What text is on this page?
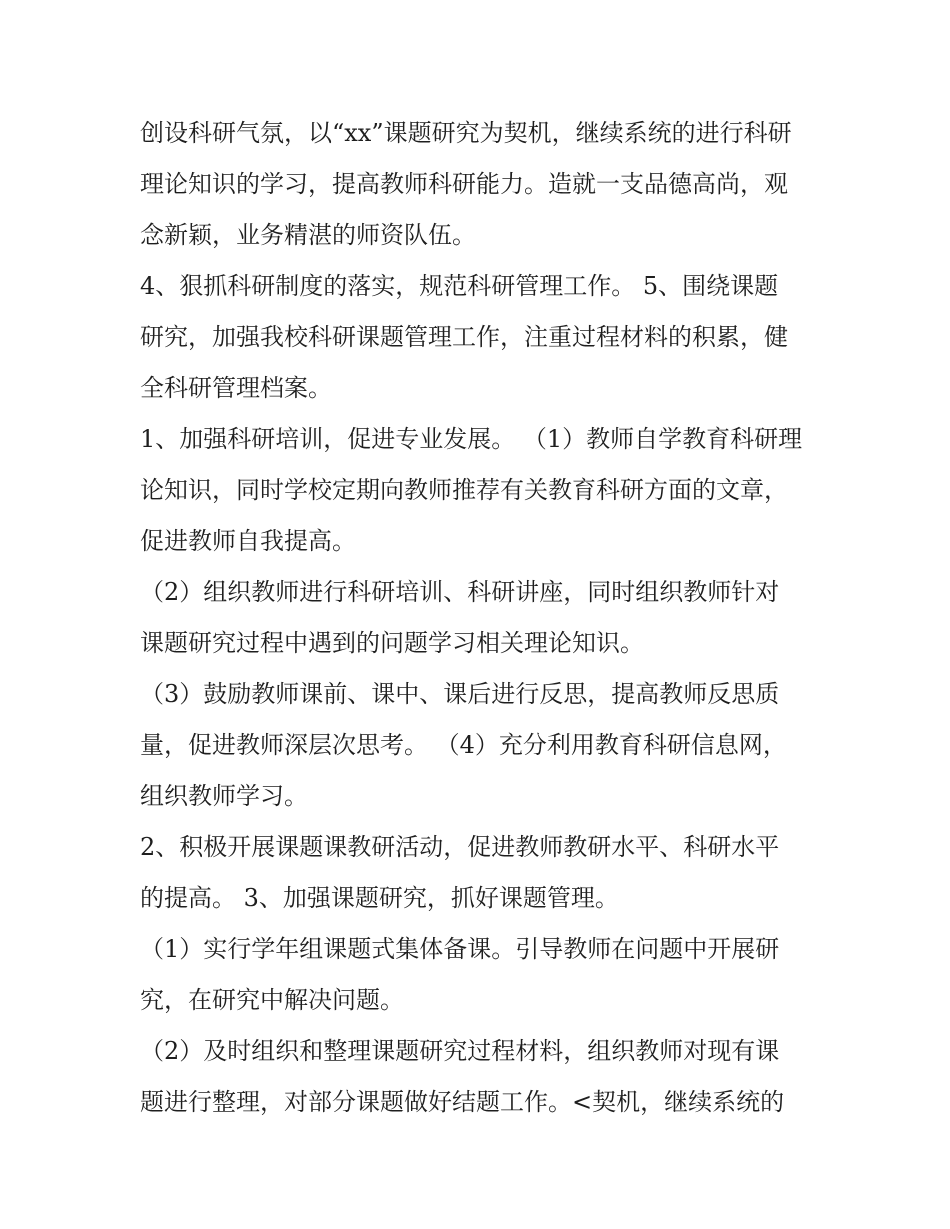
创设科研气氛，以“xx”课题研究为契机，继续系统的进行科研
理论知识的学习，提高教师科研能力。造就一支品德高尚，观
念新颖，业务精湛的师资队伍。
4、狠抓科研制度的落实，规范科研管理工作。 5、围绕课题
研究，加强我校科研课题管理工作，注重过程材料的积累，健
全科研管理档案。
1、加强科研培训，促进专业发展。 （1）教师自学教育科研理
论知识，同时学校定期向教师推荐有关教育科研方面的文章，
促进教师自我提高。
（2）组织教师进行科研培训、科研讲座，同时组织教师针对
课题研究过程中遇到的问题学习相关理论知识。
（3）鼓励教师课前、课中、课后进行反思，提高教师反思质
量，促进教师深层次思考。 （4）充分利用教育科研信息网，
组织教师学习。
2、积极开展课题课教研活动，促进教师教研水平、科研水平
的提高。 3、加强课题研究，抓好课题管理。
（1）实行学年组课题式集体备课。引导教师在问题中开展研
究，在研究中解决问题。
（2）及时组织和整理课题研究过程材料，组织教师对现有课
题进行整理，对部分课题做好结题工作。<契机，继续系统的
